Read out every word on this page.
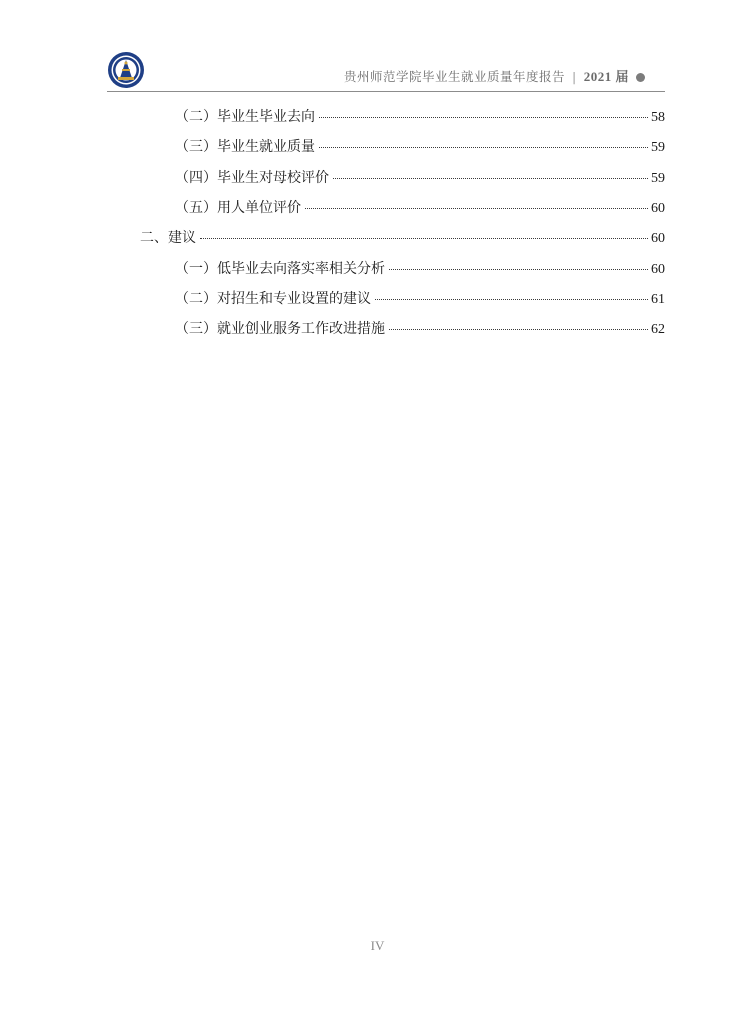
贵州师范学院毕业生就业质量年度报告 | 2021 届
（二）毕业生毕业去向	58
（三）毕业生就业质量	59
（四）毕业生对母校评价	59
（五）用人单位评价	60
二、建议	60
（一）低毕业去向落实率相关分析	60
（二）对招生和专业设置的建议	61
（三）就业创业服务工作改进措施	62
IV
